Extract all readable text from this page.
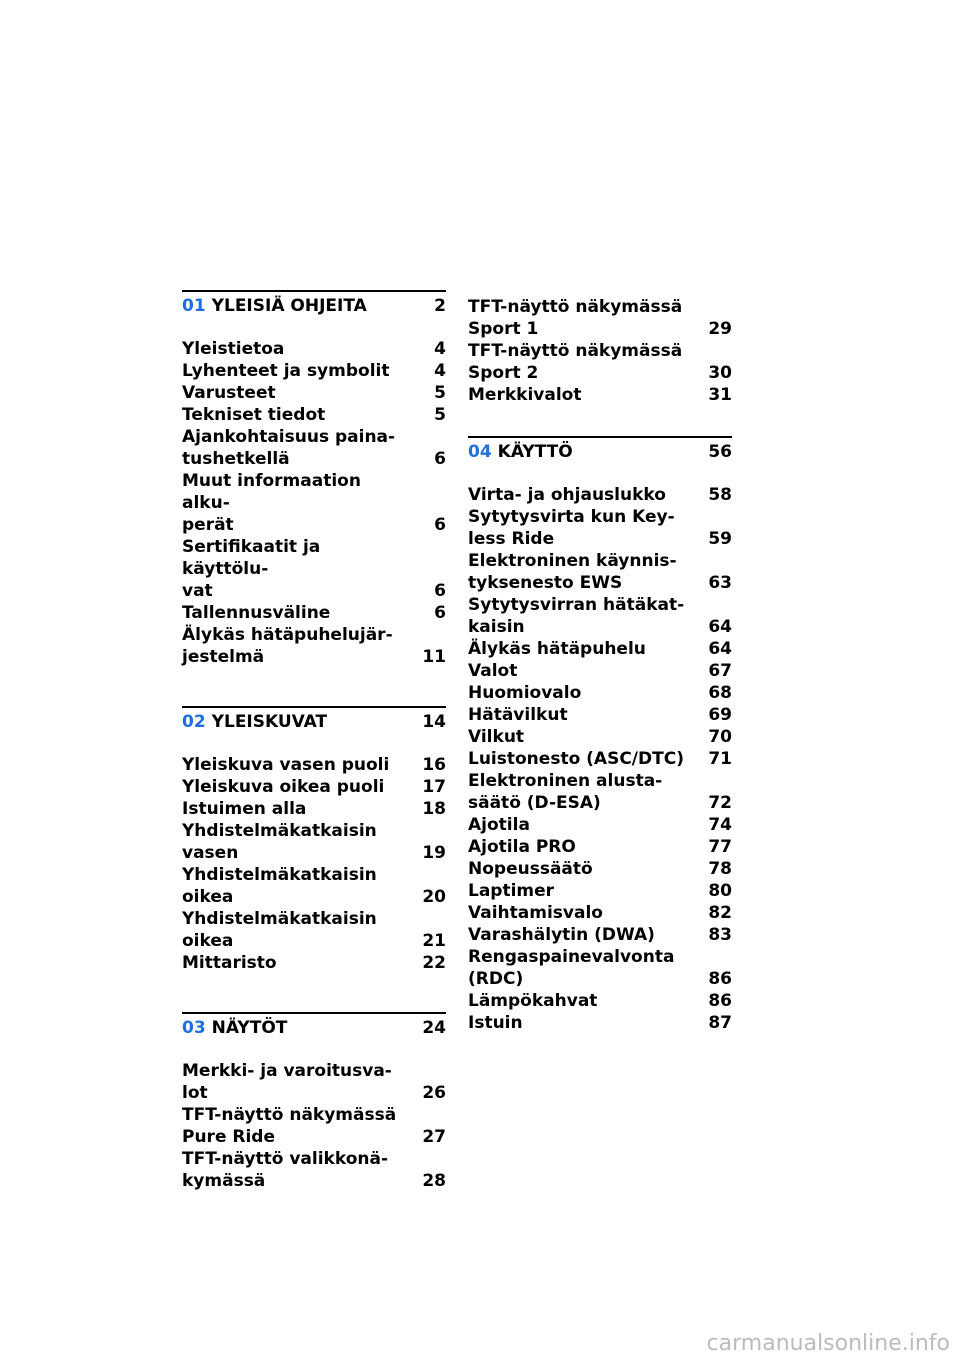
01 YLEISIÄ OHJEITA	2
Yleistietoa	4
Lyhenteet ja symbolit	4
Varusteet	5
Tekniset tiedot	5
Ajankohtaisuus paina-
tushetkellä	6
Muut informaation alku-
perät	6
Sertifikaatit ja käyttölu-
vat	6
Tallennusväline	6
Älykäs hätäpuhelujär-
jestelmä	11
02 YLEISKUVAT	14
Yleiskuva vasen puoli	16
Yleiskuva oikea puoli	17
Istuimen alla	18
Yhdistelmäkatkaisin
vasen	19
Yhdistelmäkatkaisin
oikea	20
Yhdistelmäkatkaisin
oikea	21
Mittaristo	22
03 NÄYTÖT	24
Merkki- ja varoitusva-
lot	26
TFT-näyttö näkymässä
Pure Ride	27
TFT-näyttö valikkonä-
kymässä	28
TFT-näyttö näkymässä
Sport 1	29
TFT-näyttö näkymässä
Sport 2	30
Merkkivalot	31
04 KÄYTTÖ	56
Virta- ja ohjauslukko	58
Sytytysvirta kun Key-
less Ride	59
Elektroninen käynnis-
tyksenesto EWS	63
Sytytysvirran hätäkat-
kaisin	64
Älykäs hätäpuhelu	64
Valot	67
Huomiovalo	68
Hätävilkut	69
Vilkut	70
Luistonesto (ASC/DTC)	71
Elektroninen alusta-
säätö (D-ESA)	72
Ajotila	74
Ajotila PRO	77
Nopeussäätö	78
Laptimer	80
Vaihtamisvalo	82
Varashälytin (DWA)	83
Rengaspainevalvonta
(RDC)	86
Lämpökahvat	86
Istuin	87
carmanualsonline.info
